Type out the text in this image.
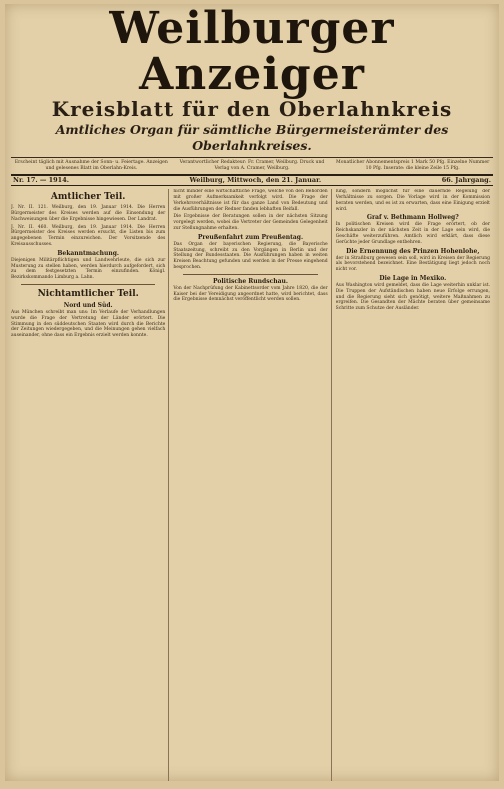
Weilburger Anzeiger
Kreisblatt für den Oberlahnkreis
Amtliches Organ für sämtliche Bürgermeisterämter des Oberlahnkreises.
Erscheint täglich mit Ausnahme der Sonn- u. Feiertage. Anzeigen und gelesenes Blatt im Oberlahn-Kreis.
Verantwortlicher Redakteur: Fr. Cramer, Weilburg. Druck und Verlag von A. Cramer, Weilburg.
Monatlicher Abonnementspreis 1 Mark 50 Pfg. Einzelne Nummer 10 Pfg. Inserate: die kleine Zeile 15 Pfg.
Nr. 17. — 1914.	Weilburg, Mittwoch, den 21. Januar.	66. Jahrgang.
Amtlicher Teil.

J. Nr. II. 121. Weilburg, den 19. Januar 1914. Die Herren Bürgermeister des Kreises werden auf die Einsendung der Nachweisungen über die Ergebnisse hingewiesen. Der Landrat.

J. Nr. II. 460. Weilburg, den 19. Januar 1914. Die Herren Bürgermeister des Kreises werden ersucht, die Listen bis zum angegebenen Termin einzureichen. Der Vorsitzende des Kreisausschusses.

Bekanntmachung.

Diejenigen Militärpflichtigen und Landwehrleute, die sich zur Musterung zu stellen haben, werden hierdurch aufgefordert, sich zu dem festgesetzten Termin einzufinden. Königl. Bezirkskommando Limburg a. Lahn.

Nichtamtlicher Teil.
Nord und Süd.

Aus München schreibt man uns: Im Verlaufe der Verhandlungen wurde die Frage der Vertretung der Länder erörtert. Die Stimmung in den süddeutschen Staaten wird durch die Berichte der Zeitungen wiedergegeben, und die Meinungen gehen vielfach auseinander, ohne dass ein Ergebnis erzielt werden konnte.

nicht minder eine wirtschaftliche Frage, welche von den Behörden mit großer Aufmerksamkeit verfolgt wird. Die Frage der Verkehrsverhältnisse ist für das ganze Land von Bedeutung und die Ausführungen der Redner fanden lebhaften Beifall.

Die Ergebnisse der Beratungen sollen in der nächsten Sitzung vorgelegt werden, wobei die Vertreter der Gemeinden Gelegenheit zur Stellungnahme erhalten.

Preußenfahrt zum Preußentag.

Das Organ der bayerischen Regierung, die Bayerische Staatszeitung, schreibt zu den Vorgängen in Berlin und der Stellung der Bundesstaaten. Die Ausführungen haben in weiten Kreisen Beachtung gefunden und werden in der Presse eingehend besprochen.

Politische Rundschau.

Von der Nachprüfung der Kabinettsorder vom Jahre 1820, die der Kaiser bei der Vereidigung angeordnet hatte, wird berichtet, dass die Ergebnisse demnächst veröffentlicht werden sollen.

lung, sondern möglichst für eine dauernde Regelung der Verhältnisse zu sorgen. Die Vorlage wird in der Kommission beraten werden, und es ist zu erwarten, dass eine Einigung erzielt wird.

Graf v. Bethmann Hollweg?

In politischen Kreisen wird die Frage erörtert, ob der Reichskanzler in der nächsten Zeit in der Lage sein wird, die Geschäfte weiterzuführen. Amtlich wird erklärt, dass diese Gerüchte jeder Grundlage entbehren.

Die Ernennung des Prinzen Hohenlohe,

der in Straßburg gewesen sein soll, wird in Kreisen der Regierung als bevorstehend bezeichnet. Eine Bestätigung liegt jedoch noch nicht vor.

Die Lage in Mexiko.

Aus Washington wird gemeldet, dass die Lage weiterhin unklar ist. Die Truppen der Aufständischen haben neue Erfolge errungen, und die Regierung sieht sich genötigt, weitere Maßnahmen zu ergreifen. Die Gesandten der Mächte beraten über gemeinsame Schritte zum Schutze der Ausländer.
